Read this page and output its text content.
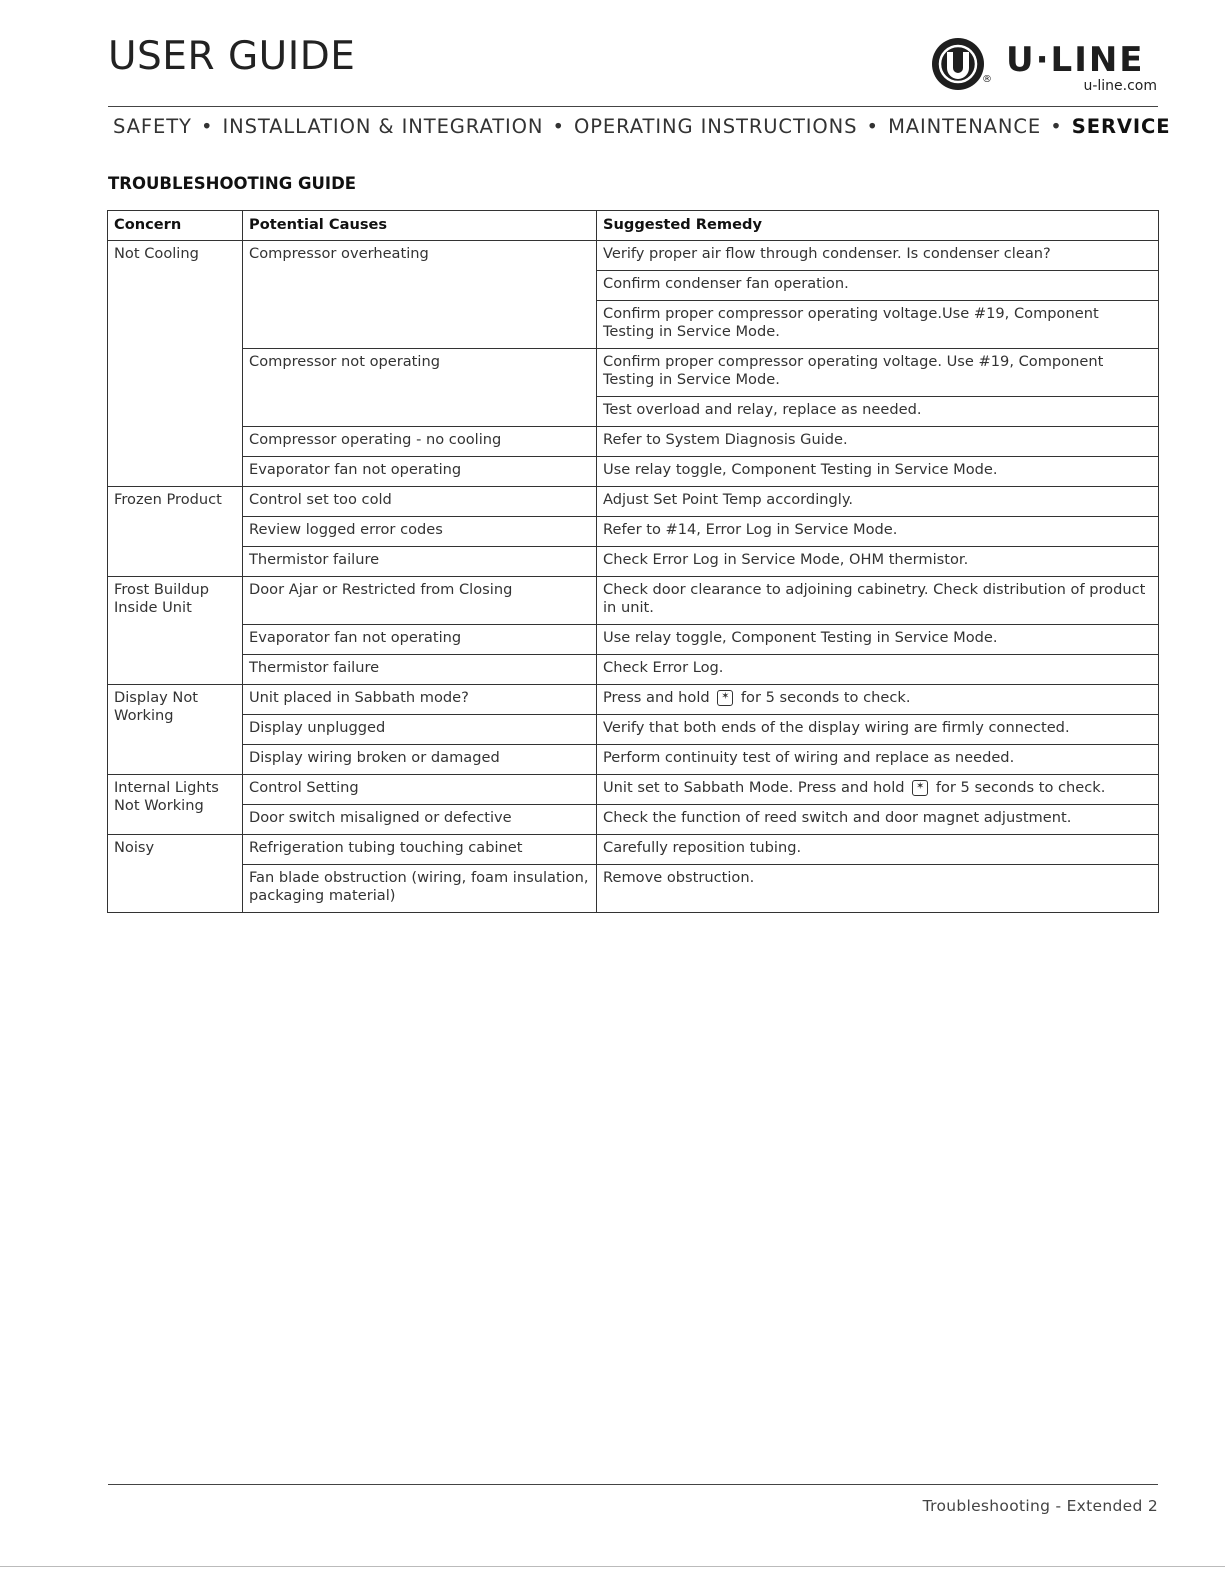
USER GUIDE
® U·LINE
u-line.com
SAFETY • INSTALLATION & INTEGRATION • OPERATING INSTRUCTIONS • MAINTENANCE • SERVICE
TROUBLESHOOTING GUIDE
Concern	Potential Causes	Suggested Remedy
Not Cooling	Compressor overheating	Verify proper air flow through condenser. Is condenser clean?
		Confirm condenser fan operation.
		Confirm proper compressor operating voltage.Use #19, Component Testing in Service Mode.
	Compressor not operating	Confirm proper compressor operating voltage. Use #19, Component Testing in Service Mode.
		Test overload and relay, replace as needed.
	Compressor operating - no cooling	Refer to System Diagnosis Guide.
	Evaporator fan not operating	Use relay toggle, Component Testing in Service Mode.
Frozen Product	Control set too cold	Adjust Set Point Temp accordingly.
	Review logged error codes	Refer to #14, Error Log in Service Mode.
	Thermistor failure	Check Error Log in Service Mode, OHM thermistor.
Frost Buildup Inside Unit	Door Ajar or Restricted from Closing	Check door clearance to adjoining cabinetry. Check distribution of product in unit.
	Evaporator fan not operating	Use relay toggle, Component Testing in Service Mode.
	Thermistor failure	Check Error Log.
Display Not Working	Unit placed in Sabbath mode?	Press and hold ✶ for 5 seconds to check.
	Display unplugged	Verify that both ends of the display wiring are firmly connected.
	Display wiring broken or damaged	Perform continuity test of wiring and replace as needed.
Internal Lights Not Working	Control Setting	Unit set to Sabbath Mode. Press and hold ✶ for 5 seconds to check.
	Door switch misaligned or defective	Check the function of reed switch and door magnet adjustment.
Noisy	Refrigeration tubing touching cabinet	Carefully reposition tubing.
	Fan blade obstruction (wiring, foam insulation, packaging material)	Remove obstruction.
Troubleshooting - Extended 2
